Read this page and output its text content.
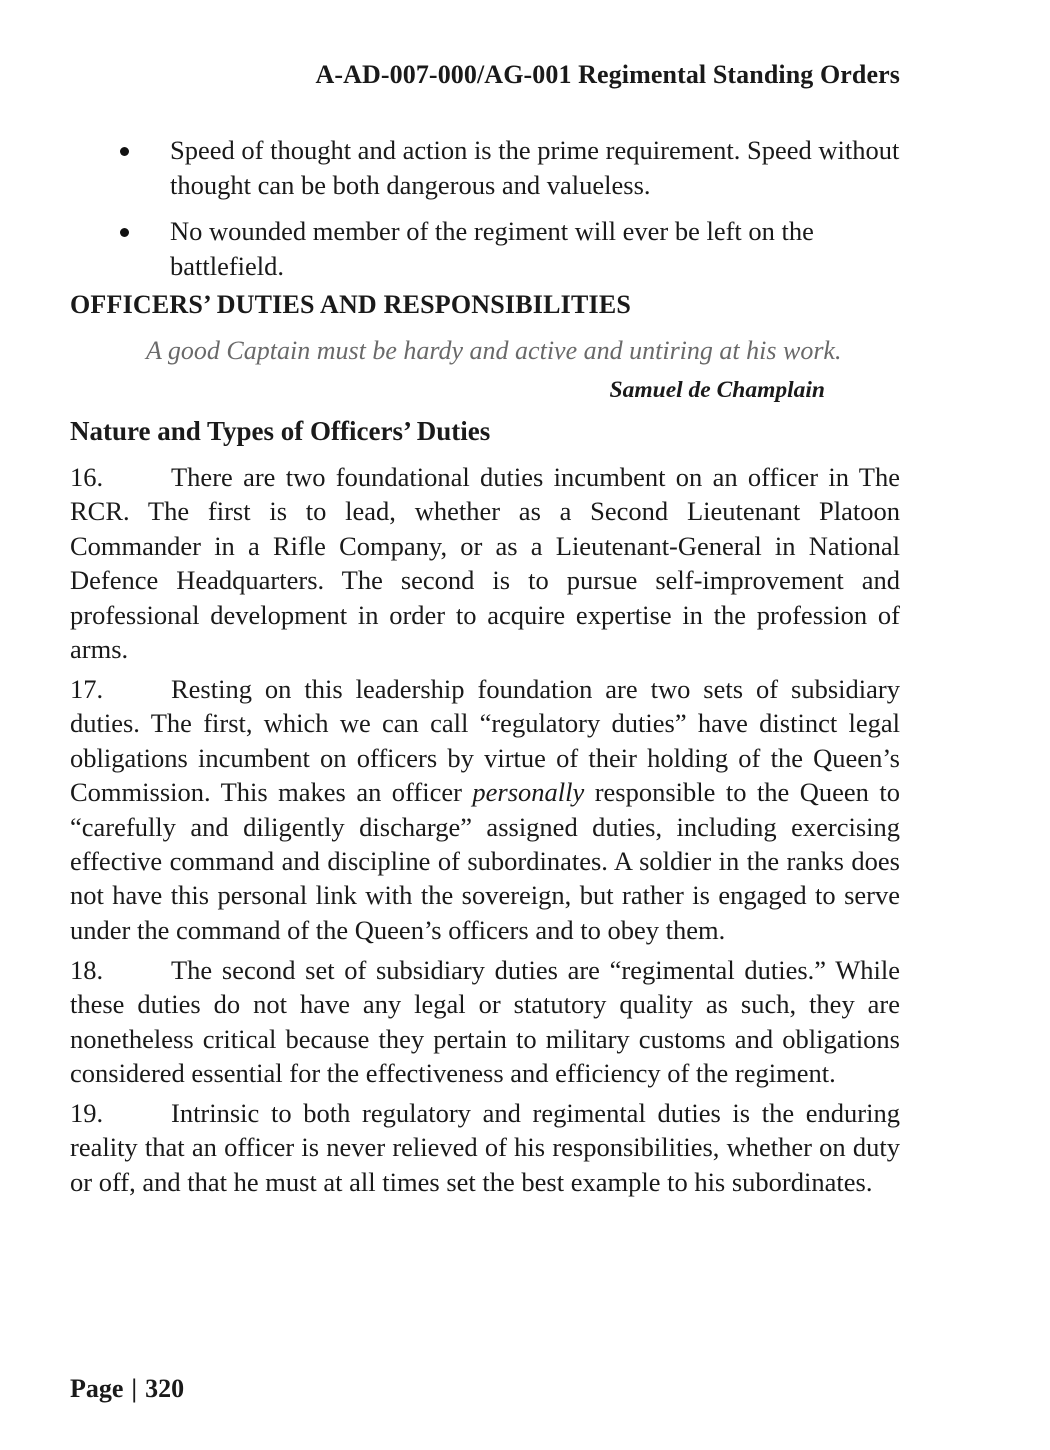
A-AD-007-000/AG-001 Regimental Standing Orders
Speed of thought and action is the prime requirement. Speed without thought can be both dangerous and valueless.
No wounded member of the regiment will ever be left on the battlefield.
OFFICERS’ DUTIES AND RESPONSIBILITIES
A good Captain must be hardy and active and untiring at his work.
Samuel de Champlain
Nature and Types of Officers’ Duties

16.	There are two foundational duties incumbent on an officer in The RCR. The first is to lead, whether as a Second Lieutenant Platoon Commander in a Rifle Company, or as a Lieutenant-General in National Defence Headquarters. The second is to pursue self-improvement and professional development in order to acquire expertise in the profession of arms.

17.	Resting on this leadership foundation are two sets of subsidiary duties. The first, which we can call “regulatory duties” have distinct legal obligations incumbent on officers by virtue of their holding of the Queen’s Commission. This makes an officer personally responsible to the Queen to “carefully and diligently discharge” assigned duties, including exercising effective command and discipline of subordinates. A soldier in the ranks does not have this personal link with the sovereign, but rather is engaged to serve under the command of the Queen’s officers and to obey them.

18.	The second set of subsidiary duties are “regimental duties.” While these duties do not have any legal or statutory quality as such, they are nonetheless critical because they pertain to military customs and obligations considered essential for the effectiveness and efficiency of the regiment.

19.	Intrinsic to both regulatory and regimental duties is the enduring reality that an officer is never relieved of his responsibilities, whether on duty or off, and that he must at all times set the best example to his subordinates.

Page | 320
